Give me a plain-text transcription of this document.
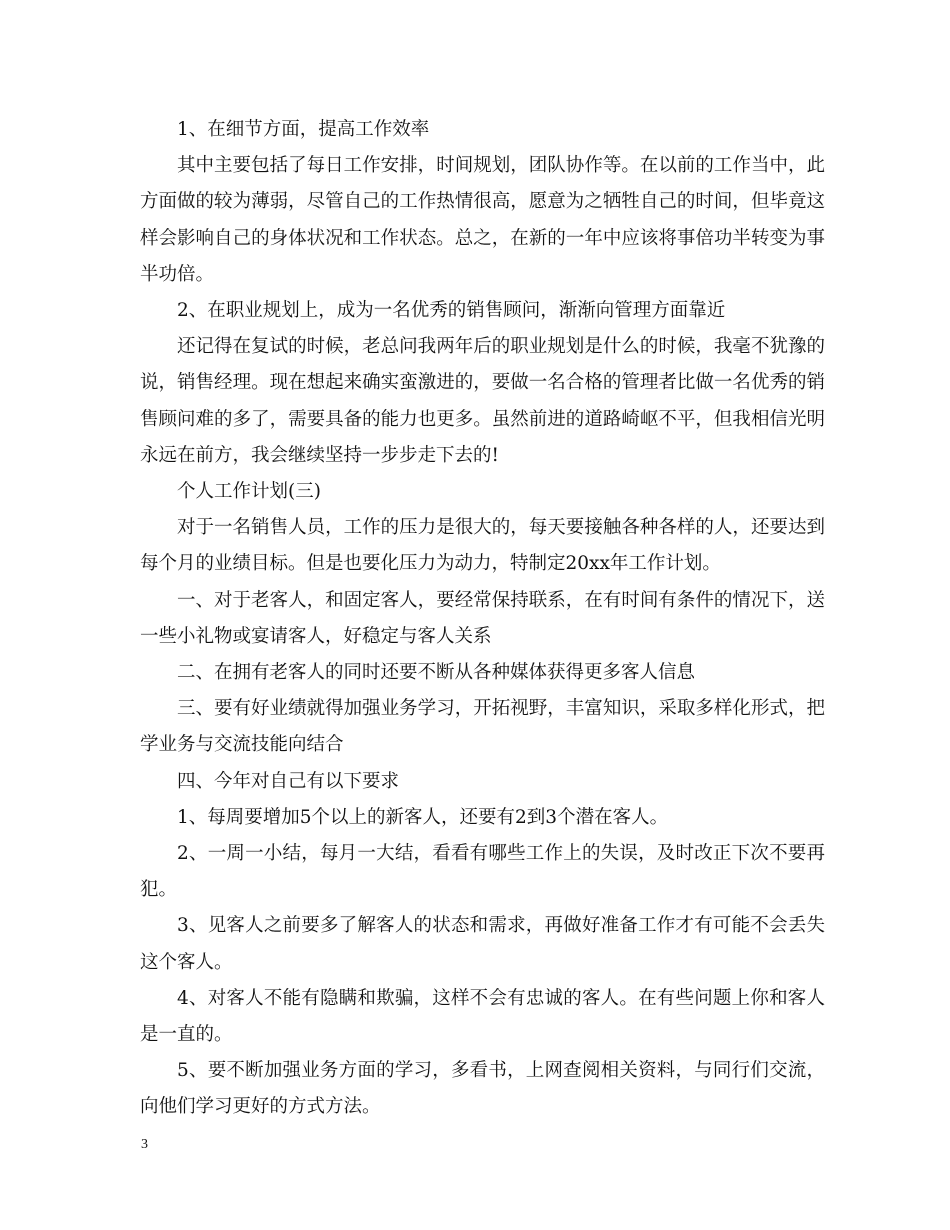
1、在细节方面，提高工作效率

其中主要包括了每日工作安排，时间规划，团队协作等。在以前的工作当中，此方面做的较为薄弱，尽管自己的工作热情很高，愿意为之牺牲自己的时间，但毕竟这样会影响自己的身体状况和工作状态。总之，在新的一年中应该将事倍功半转变为事半功倍。

2、在职业规划上，成为一名优秀的销售顾问，渐渐向管理方面靠近

还记得在复试的时候，老总问我两年后的职业规划是什么的时候，我毫不犹豫的说，销售经理。现在想起来确实蛮激进的，要做一名合格的管理者比做一名优秀的销售顾问难的多了，需要具备的能力也更多。虽然前进的道路崎岖不平，但我相信光明永远在前方，我会继续坚持一步步走下去的!

个人工作计划(三)

对于一名销售人员，工作的压力是很大的，每天要接触各种各样的人，还要达到每个月的业绩目标。但是也要化压力为动力，特制定20xx年工作计划。

一、对于老客人，和固定客人，要经常保持联系，在有时间有条件的情况下，送一些小礼物或宴请客人，好稳定与客人关系

二、在拥有老客人的同时还要不断从各种媒体获得更多客人信息

三、要有好业绩就得加强业务学习，开拓视野，丰富知识，采取多样化形式，把学业务与交流技能向结合

四、今年对自己有以下要求

1、每周要增加5个以上的新客人，还要有2到3个潜在客人。

2、一周一小结，每月一大结，看看有哪些工作上的失误，及时改正下次不要再犯。

3、见客人之前要多了解客人的状态和需求，再做好准备工作才有可能不会丢失这个客人。

4、对客人不能有隐瞒和欺骗，这样不会有忠诚的客人。在有些问题上你和客人是一直的。

5、要不断加强业务方面的学习，多看书，上网查阅相关资料，与同行们交流，向他们学习更好的方式方法。

3
